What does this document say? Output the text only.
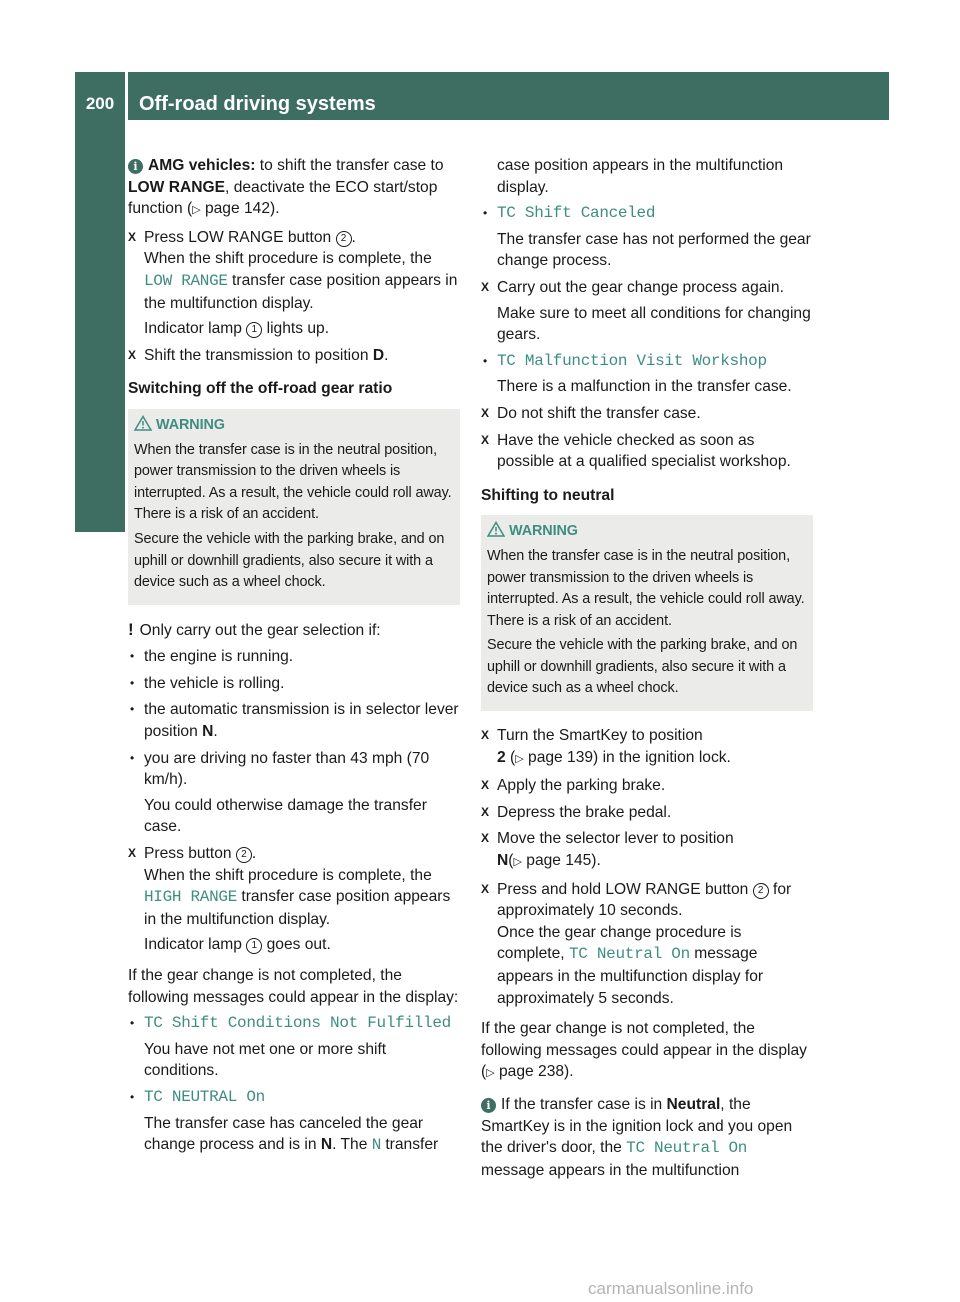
200	Off-road driving systems
Driving and parking	i AMG vehicles: to shift the transfer case to LOW RANGE, deactivate the ECO start/stop function (▷ page 142).

X Press LOW RANGE button 2 .
When the shift procedure is complete, the LOW RANGE transfer case position appears in the multifunction display.

Indicator lamp 1 lights up.

X Shift the transmission to position D.

Switching off the off-road gear ratio

WARNING

When the transfer case is in the neutral position, power transmission to the driven wheels is interrupted. As a result, the vehicle could roll away. There is a risk of an accident.

Secure the vehicle with the parking brake, and on uphill or downhill gradients, also secure it with a device such as a wheel chock.

! Only carry out the gear selection if:

• the engine is running.

• the vehicle is rolling.

• the automatic transmission is in selector lever position N.

• you are driving no faster than 43 mph (70 km/h).

You could otherwise damage the transfer case.

X Press button 2 .
When the shift procedure is complete, the HIGH RANGE transfer case position appears in the multifunction display.

Indicator lamp 1 goes out.

If the gear change is not completed, the following messages could appear in the display:

• TC Shift Conditions Not Fulfilled

You have not met one or more shift conditions.

• TC NEUTRAL On

The transfer case has canceled the gear change process and is in N. The N transfer

case position appears in the multifunction display.

• TC Shift Canceled

The transfer case has not performed the gear change process.

X Carry out the gear change process again.

Make sure to meet all conditions for changing gears.

• TC Malfunction Visit Workshop

There is a malfunction in the transfer case.

X Do not shift the transfer case.

X Have the vehicle checked as soon as possible at a qualified specialist workshop.

Shifting to neutral

WARNING

When the transfer case is in the neutral position, power transmission to the driven wheels is interrupted. As a result, the vehicle could roll away. There is a risk of an accident.

Secure the vehicle with the parking brake, and on uphill or downhill gradients, also secure it with a device such as a wheel chock.

X Turn the SmartKey to position
2 (▷ page 139) in the ignition lock.

X Apply the parking brake.

X Depress the brake pedal.

X Move the selector lever to position
N(▷ page 145).

X Press and hold LOW RANGE button 2 for approximately 10 seconds.
Once the gear change procedure is complete, TC Neutral On message appears in the multifunction display for approximately 5 seconds.

If the gear change is not completed, the following messages could appear in the display (▷ page 238).

i If the transfer case is in Neutral, the SmartKey is in the ignition lock and you open the driver's door, the TC Neutral On message appears in the multifunction

carmanualsonline.info
